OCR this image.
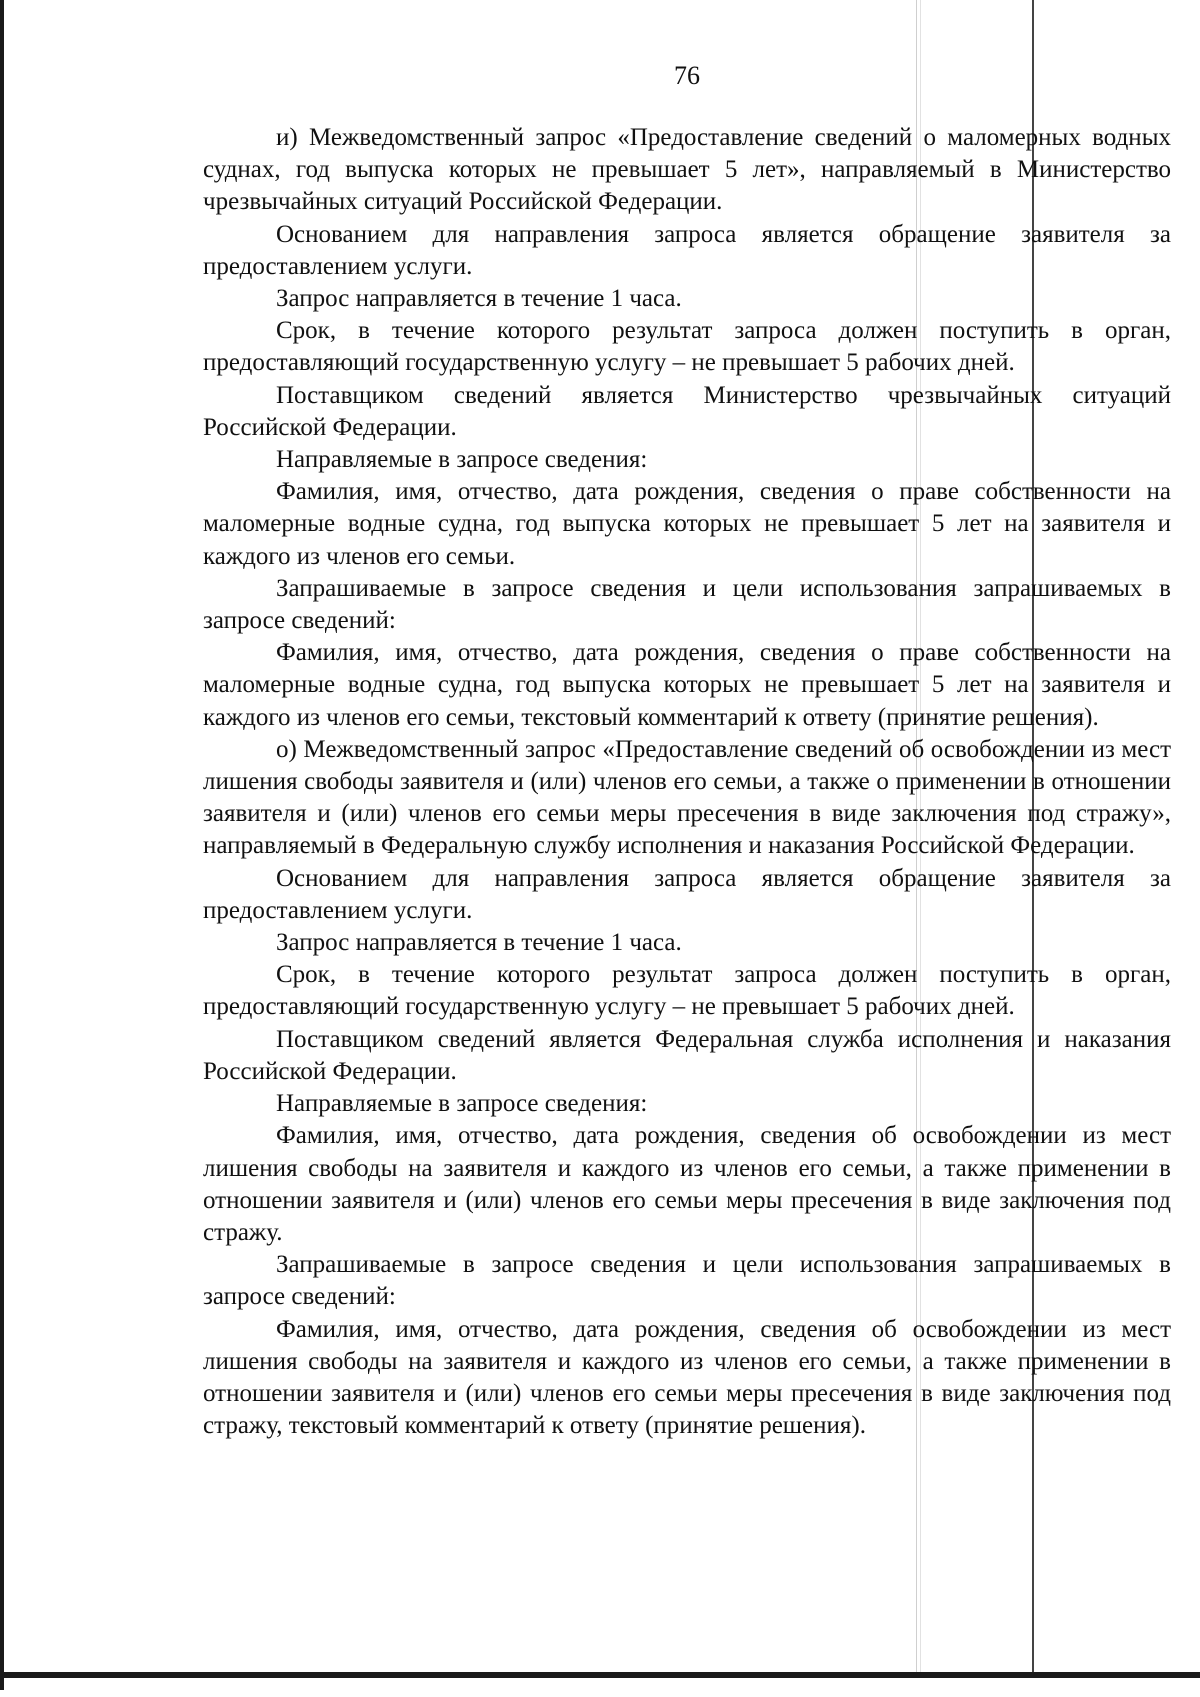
76

и) Межведомственный запрос «Предоставление сведений о маломерных водных суднах, год выпуска которых не превышает 5 лет», направляемый в Министерство чрезвычайных ситуаций Российской Федерации.

Основанием для направления запроса является обращение заявителя за предоставлением услуги.

Запрос направляется в течение 1 часа.

Срок, в течение которого результат запроса должен поступить в орган, предоставляющий государственную услугу – не превышает 5 рабочих дней.

Поставщиком сведений является Министерство чрезвычайных ситуаций Российской Федерации.

Направляемые в запросе сведения:

Фамилия, имя, отчество, дата рождения, сведения о праве собственности на маломерные водные судна, год выпуска которых не превышает 5 лет на заявителя и каждого из членов его семьи.

Запрашиваемые в запросе сведения и цели использования запрашиваемых в запросе сведений:

Фамилия, имя, отчество, дата рождения, сведения о праве собственности на маломерные водные судна, год выпуска которых не превышает 5 лет на заявителя и каждого из членов его семьи, текстовый комментарий к ответу (принятие решения).

о) Межведомственный запрос «Предоставление сведений об освобождении из мест лишения свободы заявителя и (или) членов его семьи, а также о применении в отношении заявителя и (или) членов его семьи меры пресечения в виде заключения под стражу», направляемый в Федеральную службу исполнения и наказания Российской Федерации.

Основанием для направления запроса является обращение заявителя за предоставлением услуги.

Запрос направляется в течение 1 часа.

Срок, в течение которого результат запроса должен поступить в орган, предоставляющий государственную услугу – не превышает 5 рабочих дней.

Поставщиком сведений является Федеральная служба исполнения и наказания Российской Федерации.

Направляемые в запросе сведения:

Фамилия, имя, отчество, дата рождения, сведения об освобождении из мест лишения свободы на заявителя и каждого из членов его семьи, а также применении в отношении заявителя и (или) членов его семьи меры пресечения в виде заключения под стражу.

Запрашиваемые в запросе сведения и цели использования запрашиваемых в запросе сведений:

Фамилия, имя, отчество, дата рождения, сведения об освобождении из мест лишения свободы на заявителя и каждого из членов его семьи, а также применении в отношении заявителя и (или) членов его семьи меры пресечения в виде заключения под стражу, текстовый комментарий к ответу (принятие решения).
